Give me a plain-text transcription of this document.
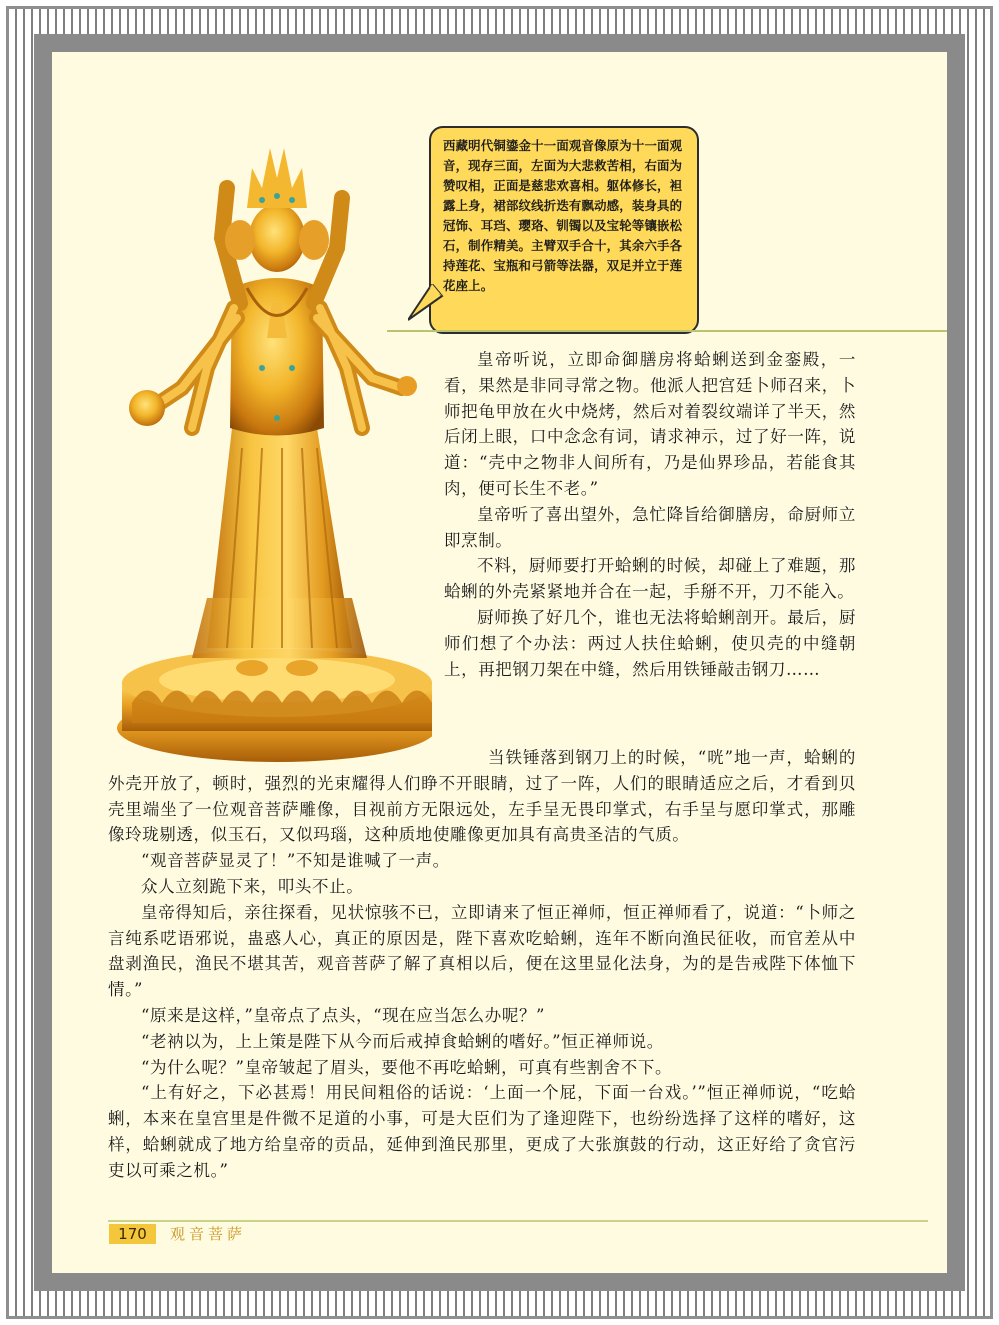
西藏明代铜鎏金十一面观音像原为十一面观音，现存三面，左面为大悲救苦相，右面为赞叹相，正面是慈悲欢喜相。躯体修长，袒露上身，裙部纹线折迭有飘动感，装身具的冠饰、耳珰、璎珞、钏镯以及宝轮等镶嵌松石，制作精美。主臂双手合十，其余六手各持莲花、宝瓶和弓箭等法器，双足并立于莲花座上。

皇帝听说，立即命御膳房将蛤蜊送到金銮殿，一看，果然是非同寻常之物。他派人把宫廷卜师召来，卜师把龟甲放在火中烧烤，然后对着裂纹端详了半天，然后闭上眼，口中念念有词，请求神示，过了好一阵，说道：“壳中之物非人间所有，乃是仙界珍品，若能食其肉，便可长生不老。”

皇帝听了喜出望外，急忙降旨给御膳房，命厨师立即烹制。

不料，厨师要打开蛤蜊的时候，却碰上了难题，那蛤蜊的外壳紧紧地并合在一起，手掰不开，刀不能入。

厨师换了好几个，谁也无法将蛤蜊剖开。最后，厨师们想了个办法：两过人扶住蛤蜊，使贝壳的中缝朝上，再把钢刀架在中缝，然后用铁锤敲击钢刀……

当铁锤落到钢刀上的时候，“咣”地一声，蛤蜊的外壳开放了，顿时，强烈的光束耀得人们睁不开眼睛，过了一阵，人们的眼睛适应之后，才看到贝壳里端坐了一位观音菩萨雕像，目视前方无限远处，左手呈无畏印掌式，右手呈与愿印掌式，那雕像玲珑剔透，似玉石，又似玛瑙，这种质地使雕像更加具有高贵圣洁的气质。

“观音菩萨显灵了！”不知是谁喊了一声。

众人立刻跪下来，叩头不止。

皇帝得知后，亲往探看，见状惊骇不已，立即请来了恒正禅师，恒正禅师看了，说道：“卜师之言纯系呓语邪说，蛊惑人心，真正的原因是，陛下喜欢吃蛤蜊，连年不断向渔民征收，而官差从中盘剥渔民，渔民不堪其苦，观音菩萨了解了真相以后，便在这里显化法身，为的是告戒陛下体恤下情。”

“原来是这样，”皇帝点了点头，“现在应当怎么办呢？”

“老衲以为，上上策是陛下从今而后戒掉食蛤蜊的嗜好。”恒正禅师说。

“为什么呢？”皇帝皱起了眉头，要他不再吃蛤蜊，可真有些割舍不下。

“上有好之，下必甚焉！用民间粗俗的话说：‘上面一个屁，下面一台戏。’”恒正禅师说，“吃蛤蜊，本来在皇宫里是件微不足道的小事，可是大臣们为了逢迎陛下，也纷纷选择了这样的嗜好，这样，蛤蜊就成了地方给皇帝的贡品，延伸到渔民那里，更成了大张旗鼓的行动，这正好给了贪官污吏以可乘之机。”

170	观音菩萨
